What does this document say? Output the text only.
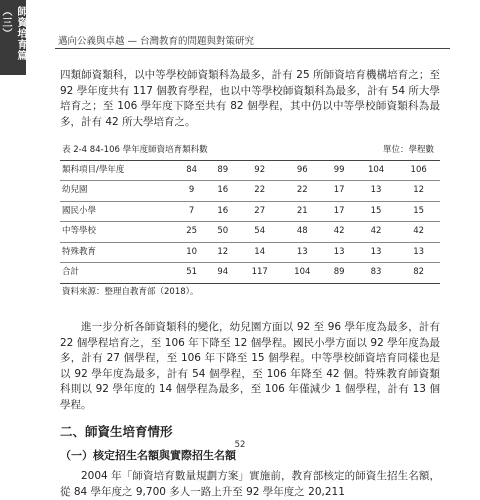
師資培育篇（三）
邁向公義與卓越 — 台灣教育的問題與對策研究

四類師資類科，以中等學校師資類科為最多，計有 25 所師資培育機構培育之；至 92 學年度共有 117 個教育學程，也以中等學校師資類科為最多，計有 54 所大學培育之；至 106 學年度下降至共有 82 個學程，其中仍以中等學校師資類科為最多，計有 42 所大學培育之。

表 2-4 84-106 學年度師資培育類科數	單位：學程數
類科項目/學年度	84	89	92	96	99	104	106
幼兒園	9	16	22	22	17	13	12
國民小學	7	16	27	21	17	15	15
中等學校	25	50	54	48	42	42	42
特殊教育	10	12	14	13	13	13	13
合計	51	94	117	104	89	83	82
資料來源：整理自教育部（2018）。

進一步分析各師資類科的變化，幼兒園方面以 92 至 96 學年度為最多，計有 22 個學程培育之，至 106 年下降至 12 個學程。國民小學方面以 92 學年度為最多，計有 27 個學程，至 106 年下降至 15 個學程。中等學校師資培育同樣也是以 92 學年度為最多，計有 54 個學程，至 106 年降至 42 個。特殊教育師資類科則以 92 學年度的 14 個學程為最多，至 106 年僅減少 1 個學程，計有 13 個學程。

二、師資生培育情形
（一）核定招生名額與實際招生名額

2004 年「師資培育數量規劃方案」實施前，教育部核定的師資生招生名額，從 84 學年度之 9,700 多人一路上升至 92 學年度之 20,211

52
